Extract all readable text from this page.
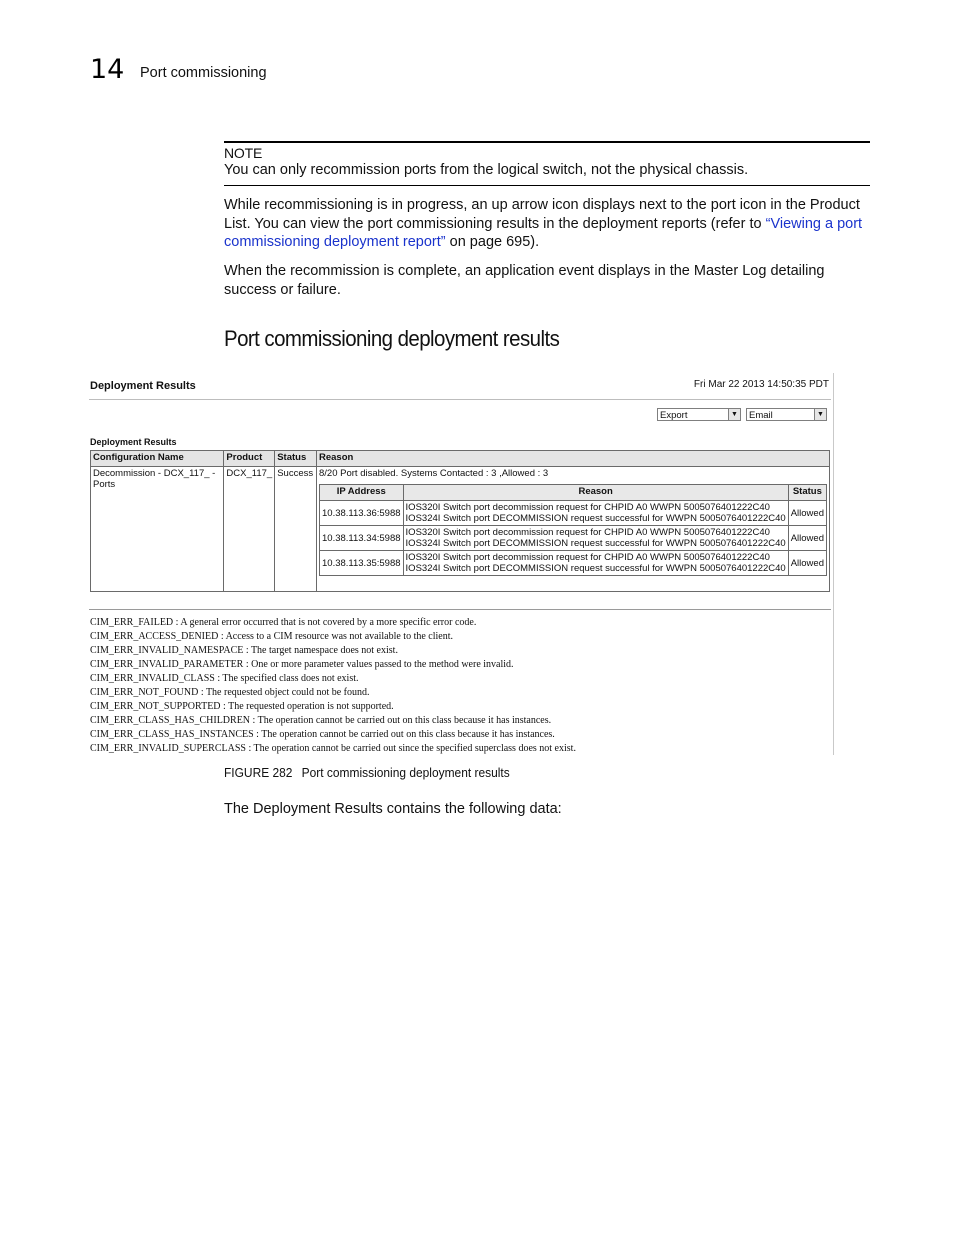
14 Port commissioning
NOTE
You can only recommission ports from the logical switch, not the physical chassis.
While recommissioning is in progress, an up arrow icon displays next to the port icon in the Product List. You can view the port commissioning results in the deployment reports (refer to “Viewing a port commissioning deployment report” on page 695).
When the recommission is complete, an application event displays in the Master Log detailing success or failure.
Port commissioning deployment results
Deployment Results	Fri Mar 22 2013 14:50:35 PDT
Export	▼	Email	▼
Deployment Results
Configuration Name	Product	Status	Reason
Decommission - DCX_117_ - Ports	DCX_117_	Success	8/20 Port disabled. Systems Contacted : 3 ,Allowed : 3
IP Address	Reason	Status
10.38.113.36:5988	IOS320I Switch port decommission request for CHPID A0 WWPN 5005076401222C40
IOS324I Switch port DECOMMISSION request successful for WWPN 5005076401222C40	Allowed
10.38.113.34:5988	IOS320I Switch port decommission request for CHPID A0 WWPN 5005076401222C40
IOS324I Switch port DECOMMISSION request successful for WWPN 5005076401222C40	Allowed
10.38.113.35:5988	IOS320I Switch port decommission request for CHPID A0 WWPN 5005076401222C40
IOS324I Switch port DECOMMISSION request successful for WWPN 5005076401222C40	Allowed
CIM_ERR_FAILED : A general error occurred that is not covered by a more specific error code.
CIM_ERR_ACCESS_DENIED : Access to a CIM resource was not available to the client.
CIM_ERR_INVALID_NAMESPACE : The target namespace does not exist.
CIM_ERR_INVALID_PARAMETER : One or more parameter values passed to the method were invalid.
CIM_ERR_INVALID_CLASS : The specified class does not exist.
CIM_ERR_NOT_FOUND : The requested object could not be found.
CIM_ERR_NOT_SUPPORTED : The requested operation is not supported.
CIM_ERR_CLASS_HAS_CHILDREN : The operation cannot be carried out on this class because it has instances.
CIM_ERR_CLASS_HAS_INSTANCES : The operation cannot be carried out on this class because it has instances.
CIM_ERR_INVALID_SUPERCLASS : The operation cannot be carried out since the specified superclass does not exist.
FIGURE 282 Port commissioning deployment results
The Deployment Results contains the following data:
